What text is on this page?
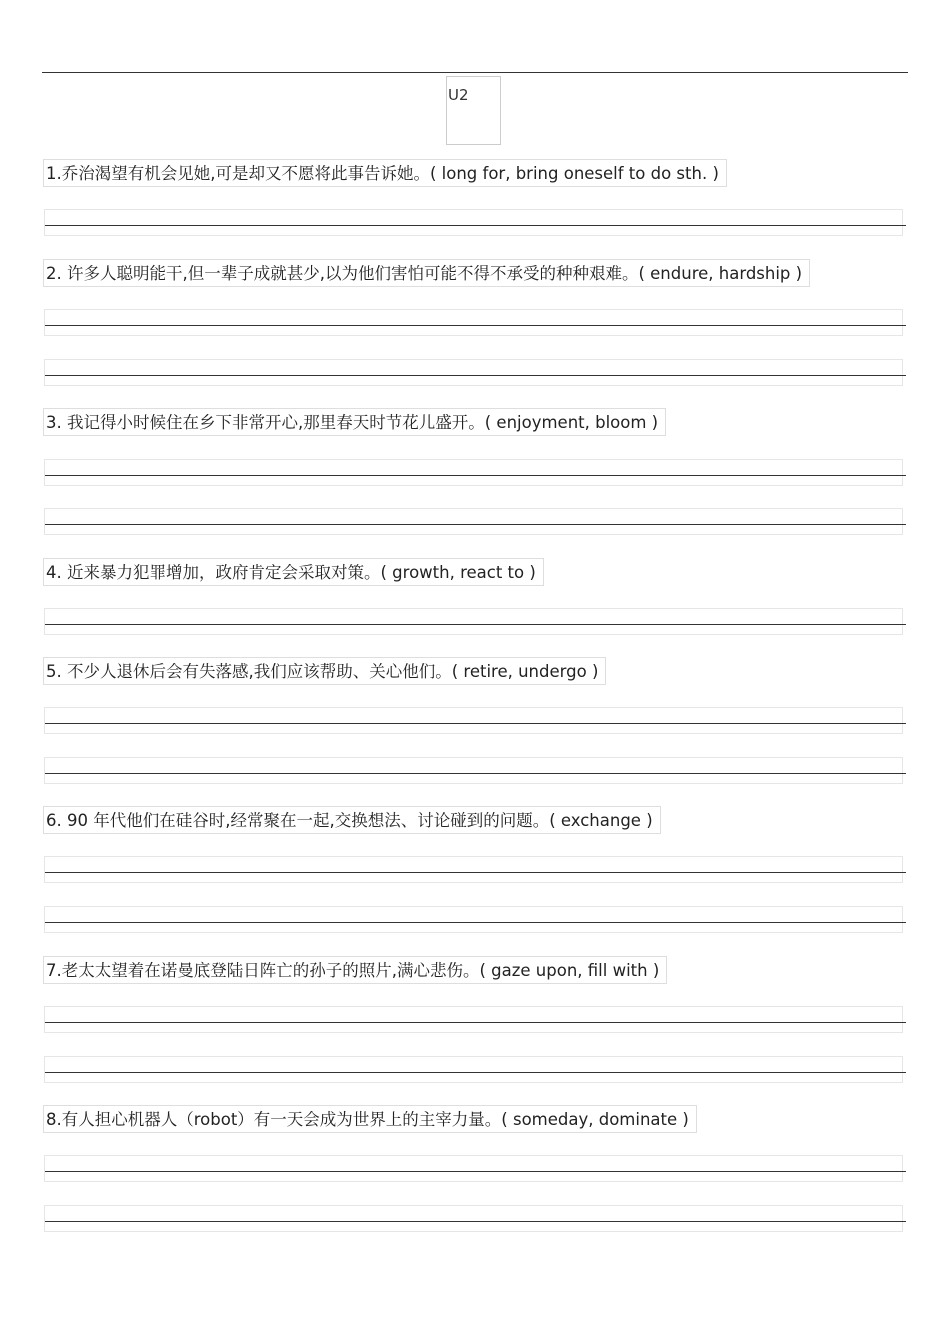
U2
1.乔治渴望有机会见她,可是却又不愿将此事告诉她。( long for, bring oneself to do sth. )
2. 许多人聪明能干,但一辈子成就甚少,以为他们害怕可能不得不承受的种种艰难。( endure, hardship )
3. 我记得小时候住在乡下非常开心,那里春天时节花儿盛开。( enjoyment, bloom )
4. 近来暴力犯罪增加，政府肯定会采取对策。( growth, react to )
5. 不少人退休后会有失落感,我们应该帮助、关心他们。( retire, undergo )
6. 90 年代他们在硅谷时,经常聚在一起,交换想法、讨论碰到的问题。( exchange )
7.老太太望着在诺曼底登陆日阵亡的孙子的照片,满心悲伤。( gaze upon, fill with )
8.有人担心机器人（robot）有一天会成为世界上的主宰力量。( someday, dominate )
